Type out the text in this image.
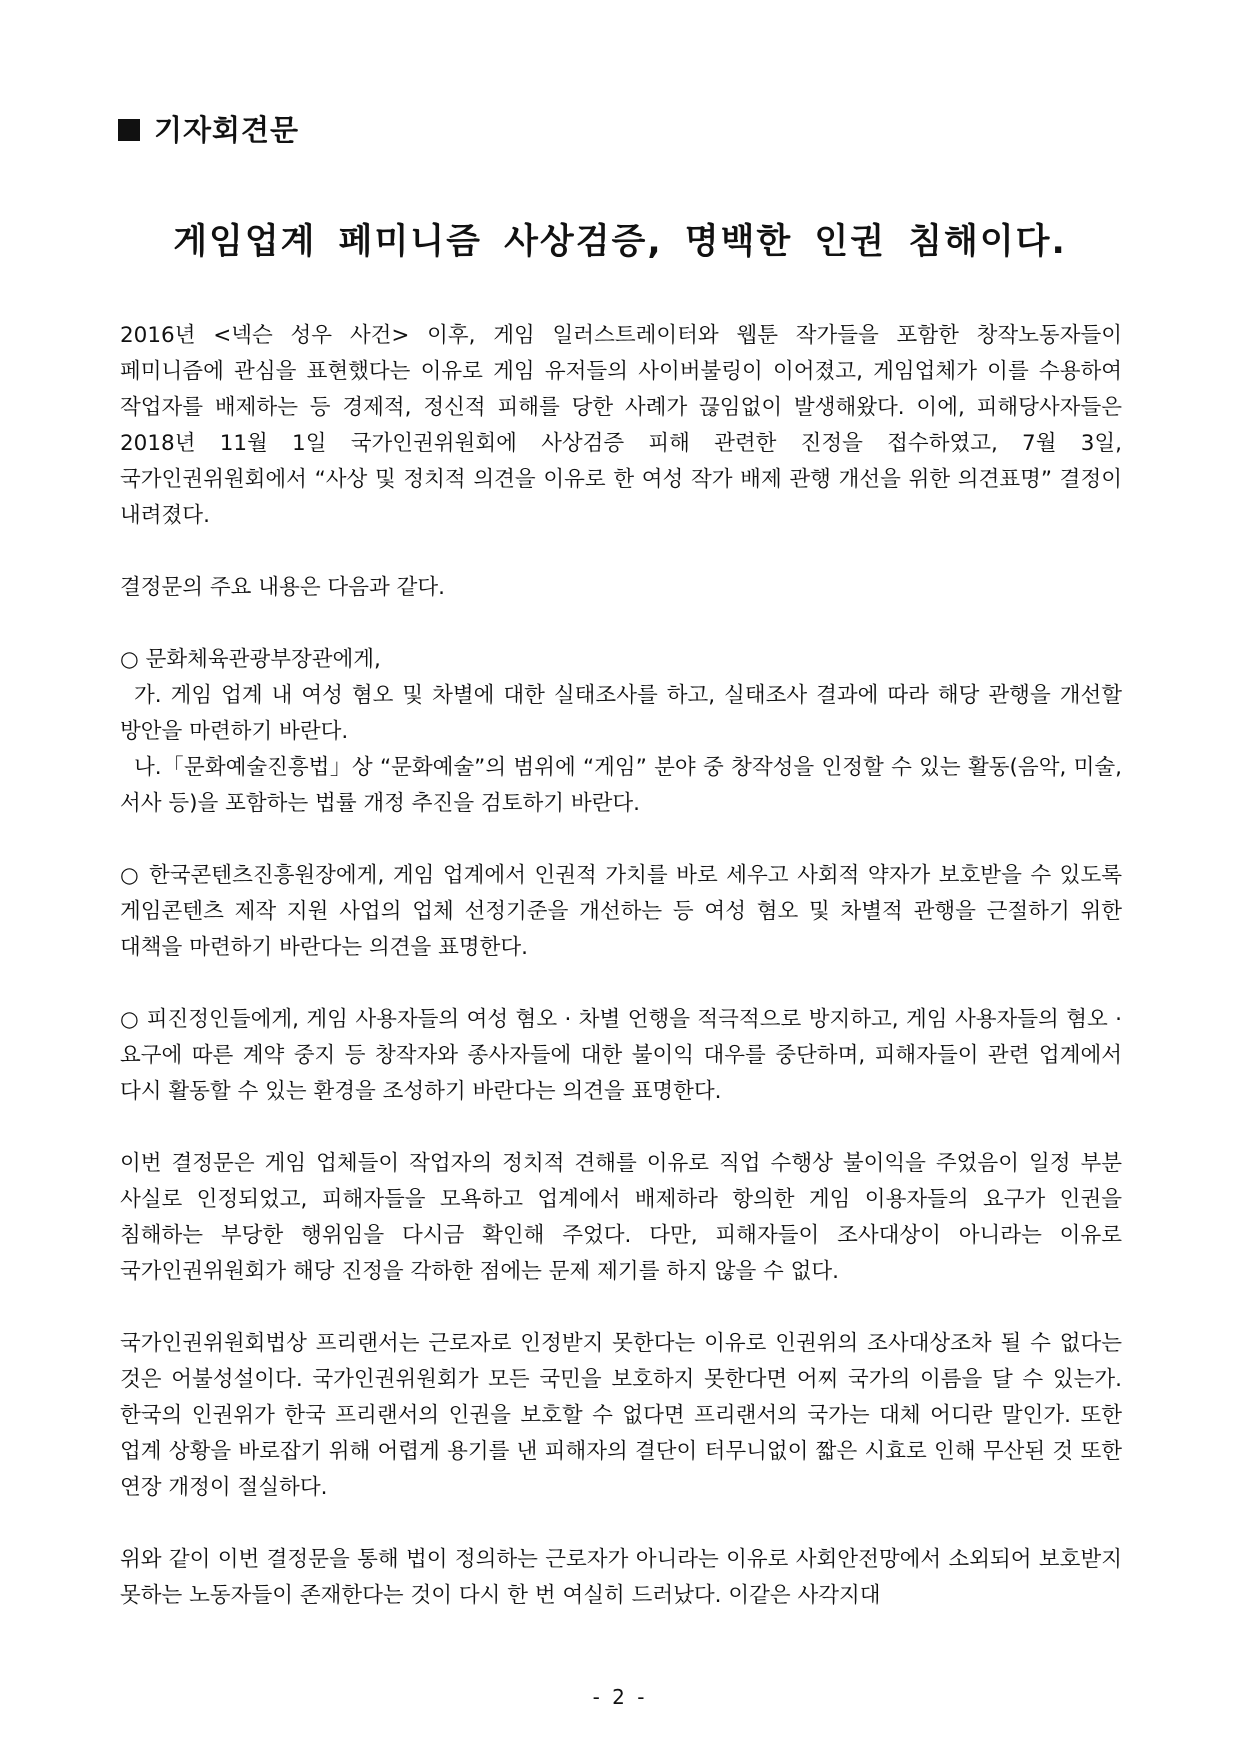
기자회견문
게임업계 페미니즘 사상검증, 명백한 인권 침해이다.

2016년 <넥슨 성우 사건> 이후, 게임 일러스트레이터와 웹툰 작가들을 포함한 창작노동자들이 페미니즘에 관심을 표현했다는 이유로 게임 유저들의 사이버불링이 이어졌고, 게임업체가 이를 수용하여 작업자를 배제하는 등 경제적, 정신적 피해를 당한 사례가 끊임없이 발생해왔다. 이에, 피해당사자들은 2018년 11월 1일 국가인권위원회에 사상검증 피해 관련한 진정을 접수하였고, 7월 3일, 국가인권위원회에서 “사상 및 정치적 의견을 이유로 한 여성 작가 배제 관행 개선을 위한 의견표명” 결정이 내려졌다.

결정문의 주요 내용은 다음과 같다.

○ 문화체육관광부장관에게,

가. 게임 업계 내 여성 혐오 및 차별에 대한 실태조사를 하고, 실태조사 결과에 따라 해당 관행을 개선할 방안을 마련하기 바란다.

나.「문화예술진흥법」상 “문화예술”의 범위에 “게임” 분야 중 창작성을 인정할 수 있는 활동(음악, 미술, 서사 등)을 포함하는 법률 개정 추진을 검토하기 바란다.

○ 한국콘텐츠진흥원장에게, 게임 업계에서 인권적 가치를 바로 세우고 사회적 약자가 보호받을 수 있도록 게임콘텐츠 제작 지원 사업의 업체 선정기준을 개선하는 등 여성 혐오 및 차별적 관행을 근절하기 위한 대책을 마련하기 바란다는 의견을 표명한다.

○ 피진정인들에게, 게임 사용자들의 여성 혐오 · 차별 언행을 적극적으로 방지하고, 게임 사용자들의 혐오 · 요구에 따른 계약 중지 등 창작자와 종사자들에 대한 불이익 대우를 중단하며, 피해자들이 관련 업계에서 다시 활동할 수 있는 환경을 조성하기 바란다는 의견을 표명한다.

이번 결정문은 게임 업체들이 작업자의 정치적 견해를 이유로 직업 수행상 불이익을 주었음이 일정 부분 사실로 인정되었고, 피해자들을 모욕하고 업계에서 배제하라 항의한 게임 이용자들의 요구가 인권을 침해하는 부당한 행위임을 다시금 확인해 주었다. 다만, 피해자들이 조사대상이 아니라는 이유로 국가인권위원회가 해당 진정을 각하한 점에는 문제 제기를 하지 않을 수 없다.

국가인권위원회법상 프리랜서는 근로자로 인정받지 못한다는 이유로 인권위의 조사대상조차 될 수 없다는 것은 어불성설이다. 국가인권위원회가 모든 국민을 보호하지 못한다면 어찌 국가의 이름을 달 수 있는가. 한국의 인권위가 한국 프리랜서의 인권을 보호할 수 없다면 프리랜서의 국가는 대체 어디란 말인가. 또한 업계 상황을 바로잡기 위해 어렵게 용기를 낸 피해자의 결단이 터무니없이 짧은 시효로 인해 무산된 것 또한 연장 개정이 절실하다.

위와 같이 이번 결정문을 통해 법이 정의하는 근로자가 아니라는 이유로 사회안전망에서 소외되어 보호받지 못하는 노동자들이 존재한다는 것이 다시 한 번 여실히 드러났다. 이같은 사각지대

- 2 -
